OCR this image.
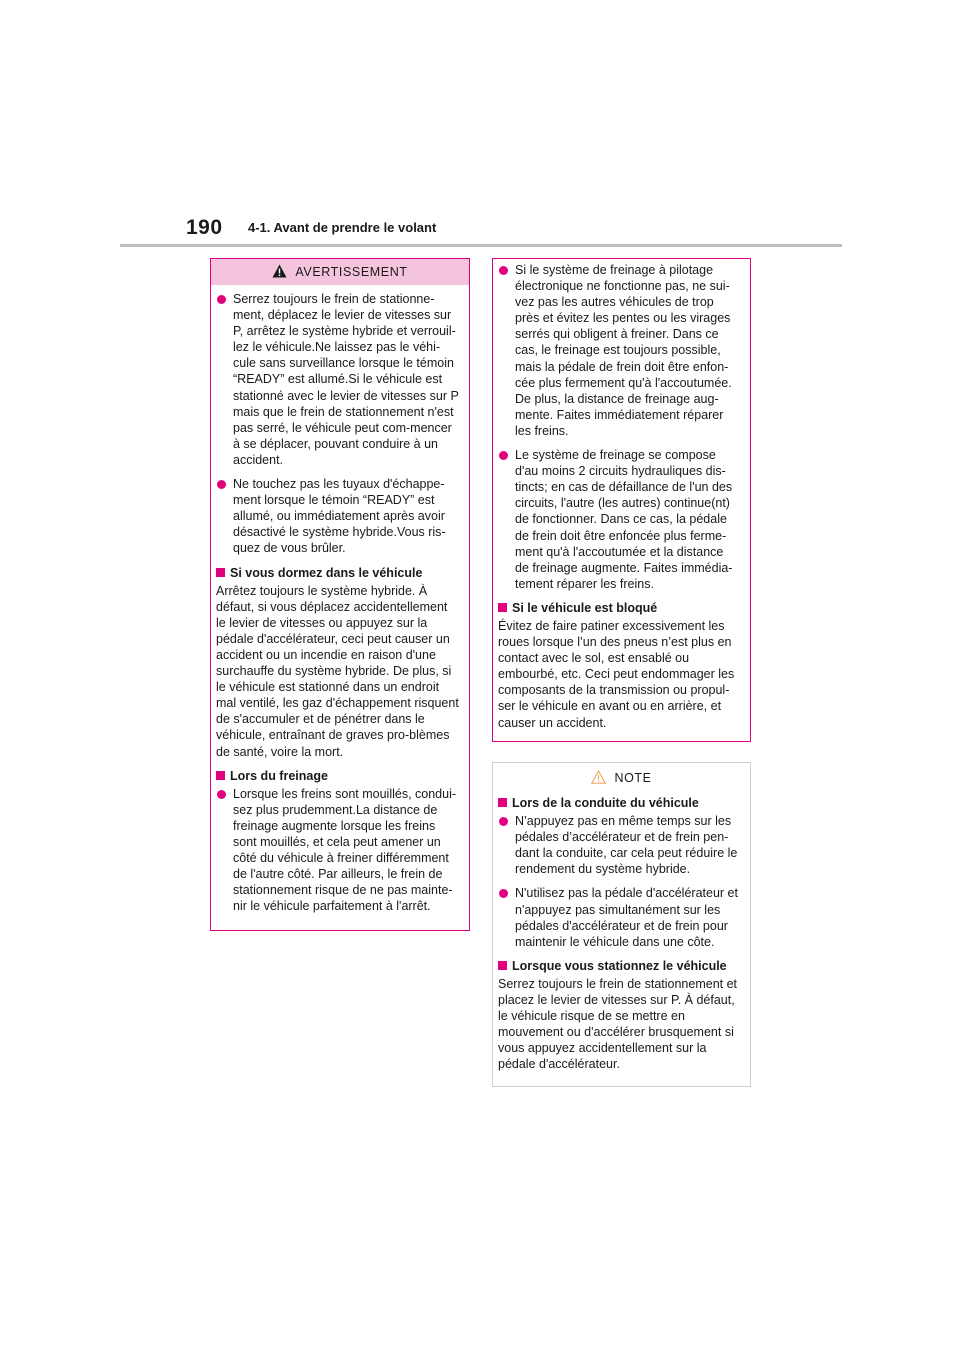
190 4-1. Avant de prendre le volant
AVERTISSEMENT
Serrez toujours le frein de stationne-ment, déplacez le levier de vitesses sur P, arrêtez le système hybride et verrouil-lez le véhicule.Ne laissez pas le véhi-cule sans surveillance lorsque le témoin “READY” est allumé.Si le véhicule est stationné avec le levier de vitesses sur P mais que le frein de stationnement n'est pas serré, le véhicule peut com-mencer à se déplacer, pouvant conduire à un accident.
Ne touchez pas les tuyaux d'échappe-ment lorsque le témoin “READY” est allumé, ou immédiatement après avoir désactivé le système hybride.Vous ris-quez de vous brûler.
Si vous dormez dans le véhicule
Arrêtez toujours le système hybride. À défaut, si vous déplacez accidentellement le levier de vitesses ou appuyez sur la pédale d'accélérateur, ceci peut causer un accident ou un incendie en raison d'une surchauffe du système hybride. De plus, si le véhicule est stationné dans un endroit mal ventilé, les gaz d'échappement risquent de s'accumuler et de pénétrer dans le véhicule, entraînant de graves pro-blèmes de santé, voire la mort.
Lors du freinage
Lorsque les freins sont mouillés, condui-sez plus prudemment.La distance de freinage augmente lorsque les freins sont mouillés, et cela peut amener un côté du véhicule à freiner différemment de l'autre côté. Par ailleurs, le frein de stationnement risque de ne pas mainte-nir le véhicule parfaitement à l'arrêt.
Si le système de freinage à pilotage électronique ne fonctionne pas, ne sui-vez pas les autres véhicules de trop près et évitez les pentes ou les virages serrés qui obligent à freiner. Dans ce cas, le freinage est toujours possible, mais la pédale de frein doit être enfon-cée plus fermement qu'à l'accoutumée. De plus, la distance de freinage aug-mente. Faites immédiatement réparer les freins.
Le système de freinage se compose d'au moins 2 circuits hydrauliques dis-tincts; en cas de défaillance de l'un des circuits, l'autre (les autres) continue(nt) de fonctionner. Dans ce cas, la pédale de frein doit être enfoncée plus ferme-ment qu'à l'accoutumée et la distance de freinage augmente. Faites immédia-tement réparer les freins.
Si le véhicule est bloqué
Évitez de faire patiner excessivement les roues lorsque l’un des pneus n’est plus en contact avec le sol, est ensablé ou embourbé, etc. Ceci peut endommager les composants de la transmission ou propul-ser le véhicule en avant ou en arrière, et causer un accident.
NOTE
Lors de la conduite du véhicule
N’appuyez pas en même temps sur les pédales d’accélérateur et de frein pen-dant la conduite, car cela peut réduire le rendement du système hybride.
N'utilisez pas la pédale d'accélérateur et n'appuyez pas simultanément sur les pédales d'accélérateur et de frein pour maintenir le véhicule dans une côte.
Lorsque vous stationnez le véhicule
Serrez toujours le frein de stationnement et placez le levier de vitesses sur P. À défaut, le véhicule risque de se mettre en mouvement ou d'accélérer brusquement si vous appuyez accidentellement sur la pédale d'accélérateur.
